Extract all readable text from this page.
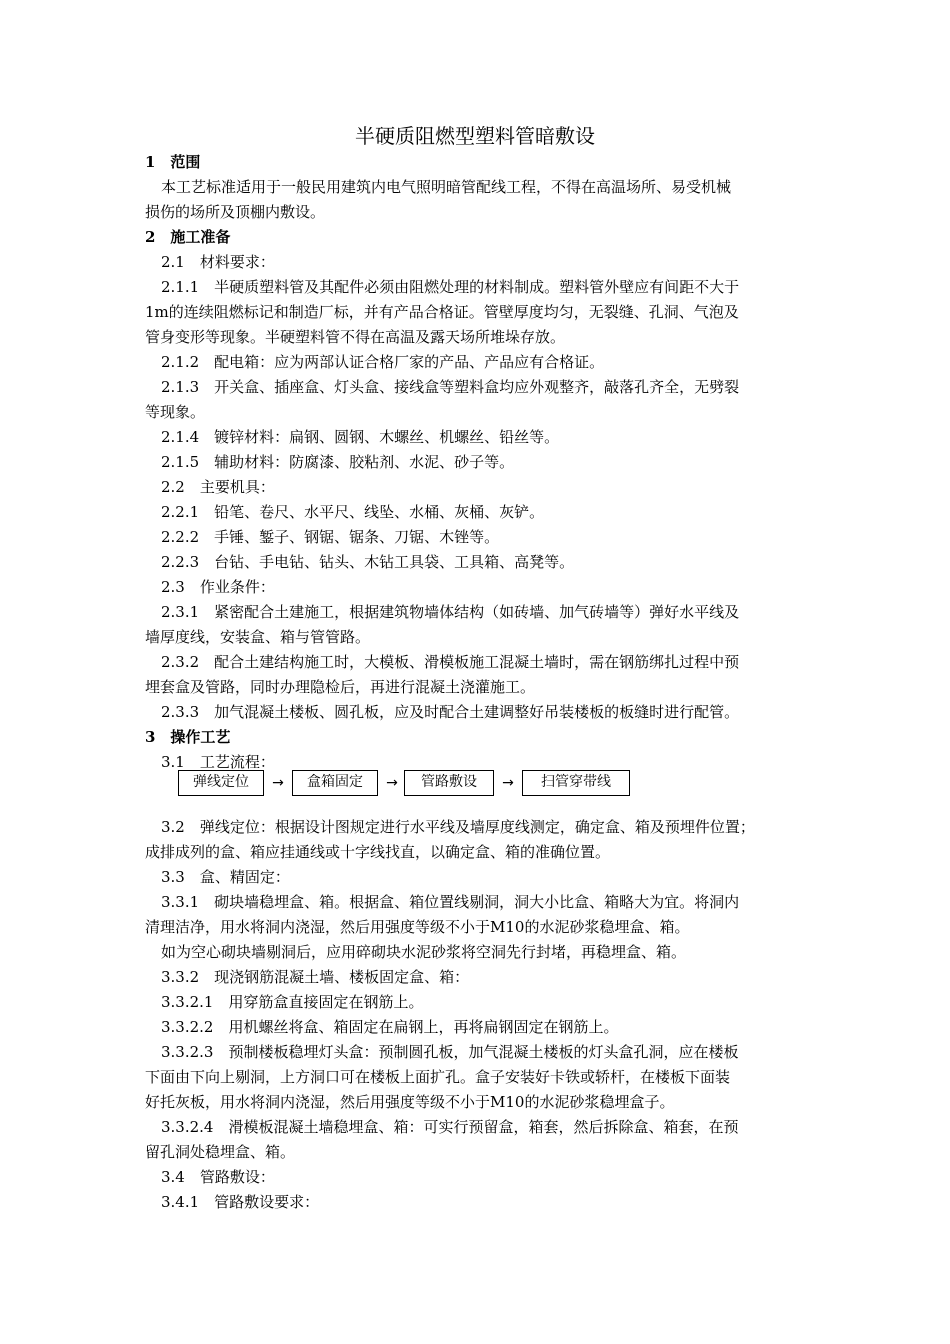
半硬质阻燃型塑料管暗敷设
1　范围
本工艺标准适用于一般民用建筑内电气照明暗管配线工程，不得在高温场所、易受机械
损伤的场所及顶棚内敷设。
2　施工准备
2.1　材料要求：
2.1.1　半硬质塑料管及其配件必须由阻燃处理的材料制成。塑料管外壁应有间距不大于
1m的连续阻燃标记和制造厂标，并有产品合格证。管壁厚度均匀，无裂缝、孔洞、气泡及
管身变形等现象。半硬塑料管不得在高温及露天场所堆垛存放。
2.1.2　配电箱：应为两部认证合格厂家的产品、产品应有合格证。
2.1.3　开关盒、插座盒、灯头盒、接线盒等塑料盒均应外观整齐，敲落孔齐全，无劈裂
等现象。
2.1.4　镀锌材料：扁钢、圆钢、木螺丝、机螺丝、铅丝等。
2.1.5　辅助材料：防腐漆、胶粘剂、水泥、砂子等。
2.2　主要机具：
2.2.1　铅笔、卷尺、水平尺、线坠、水桶、灰桶、灰铲。
2.2.2　手锤、錾子、钢锯、锯条、刀锯、木锉等。
2.2.3　台钻、手电钻、钻头、木钻工具袋、工具箱、高凳等。
2.3　作业条件：
2.3.1　紧密配合土建施工，根据建筑物墙体结构（如砖墙、加气砖墙等）弹好水平线及
墙厚度线，安装盒、箱与管管路。
2.3.2　配合土建结构施工时，大模板、滑模板施工混凝土墙时，需在钢筋绑扎过程中预
埋套盒及管路，同时办理隐检后，再进行混凝土浇灌施工。
2.3.3　加气混凝土楼板、圆孔板，应及时配合土建调整好吊装楼板的板缝时进行配管。
3　操作工艺
3.1　工艺流程：
3.2　弹线定位：根据设计图规定进行水平线及墙厚度线测定，确定盒、箱及预埋件位置；
成排成列的盒、箱应挂通线或十字线找直，以确定盒、箱的准确位置。
3.3　盒、精固定：
3.3.1　砌块墙稳埋盒、箱。根据盒、箱位置线剔洞，洞大小比盒、箱略大为宜。将洞内
清理洁净，用水将洞内浇湿，然后用强度等级不小于M10的水泥砂浆稳埋盒、箱。
如为空心砌块墙剔洞后，应用碎砌块水泥砂浆将空洞先行封堵，再稳埋盒、箱。
3.3.2　现浇钢筋混凝土墙、楼板固定盒、箱：
3.3.2.1　用穿筋盒直接固定在钢筋上。
3.3.2.2　用机螺丝将盒、箱固定在扁钢上，再将扁钢固定在钢筋上。
3.3.2.3　预制楼板稳埋灯头盒：预制圆孔板，加气混凝土楼板的灯头盒孔洞，应在楼板
下面由下向上剔洞，上方洞口可在楼板上面扩孔。盒子安装好卡铁或轿杆，在楼板下面装
好托灰板，用水将洞内浇湿，然后用强度等级不小于M10的水泥砂浆稳埋盒子。
3.3.2.4　滑模板混凝土墙稳埋盒、箱：可实行预留盒，箱套，然后拆除盒、箱套，在预
留孔洞处稳埋盒、箱。
3.4　管路敷设：
3.4.1　管路敷设要求：
弹线定位	→	盒箱固定	→	管路敷设	→	扫管穿带线
